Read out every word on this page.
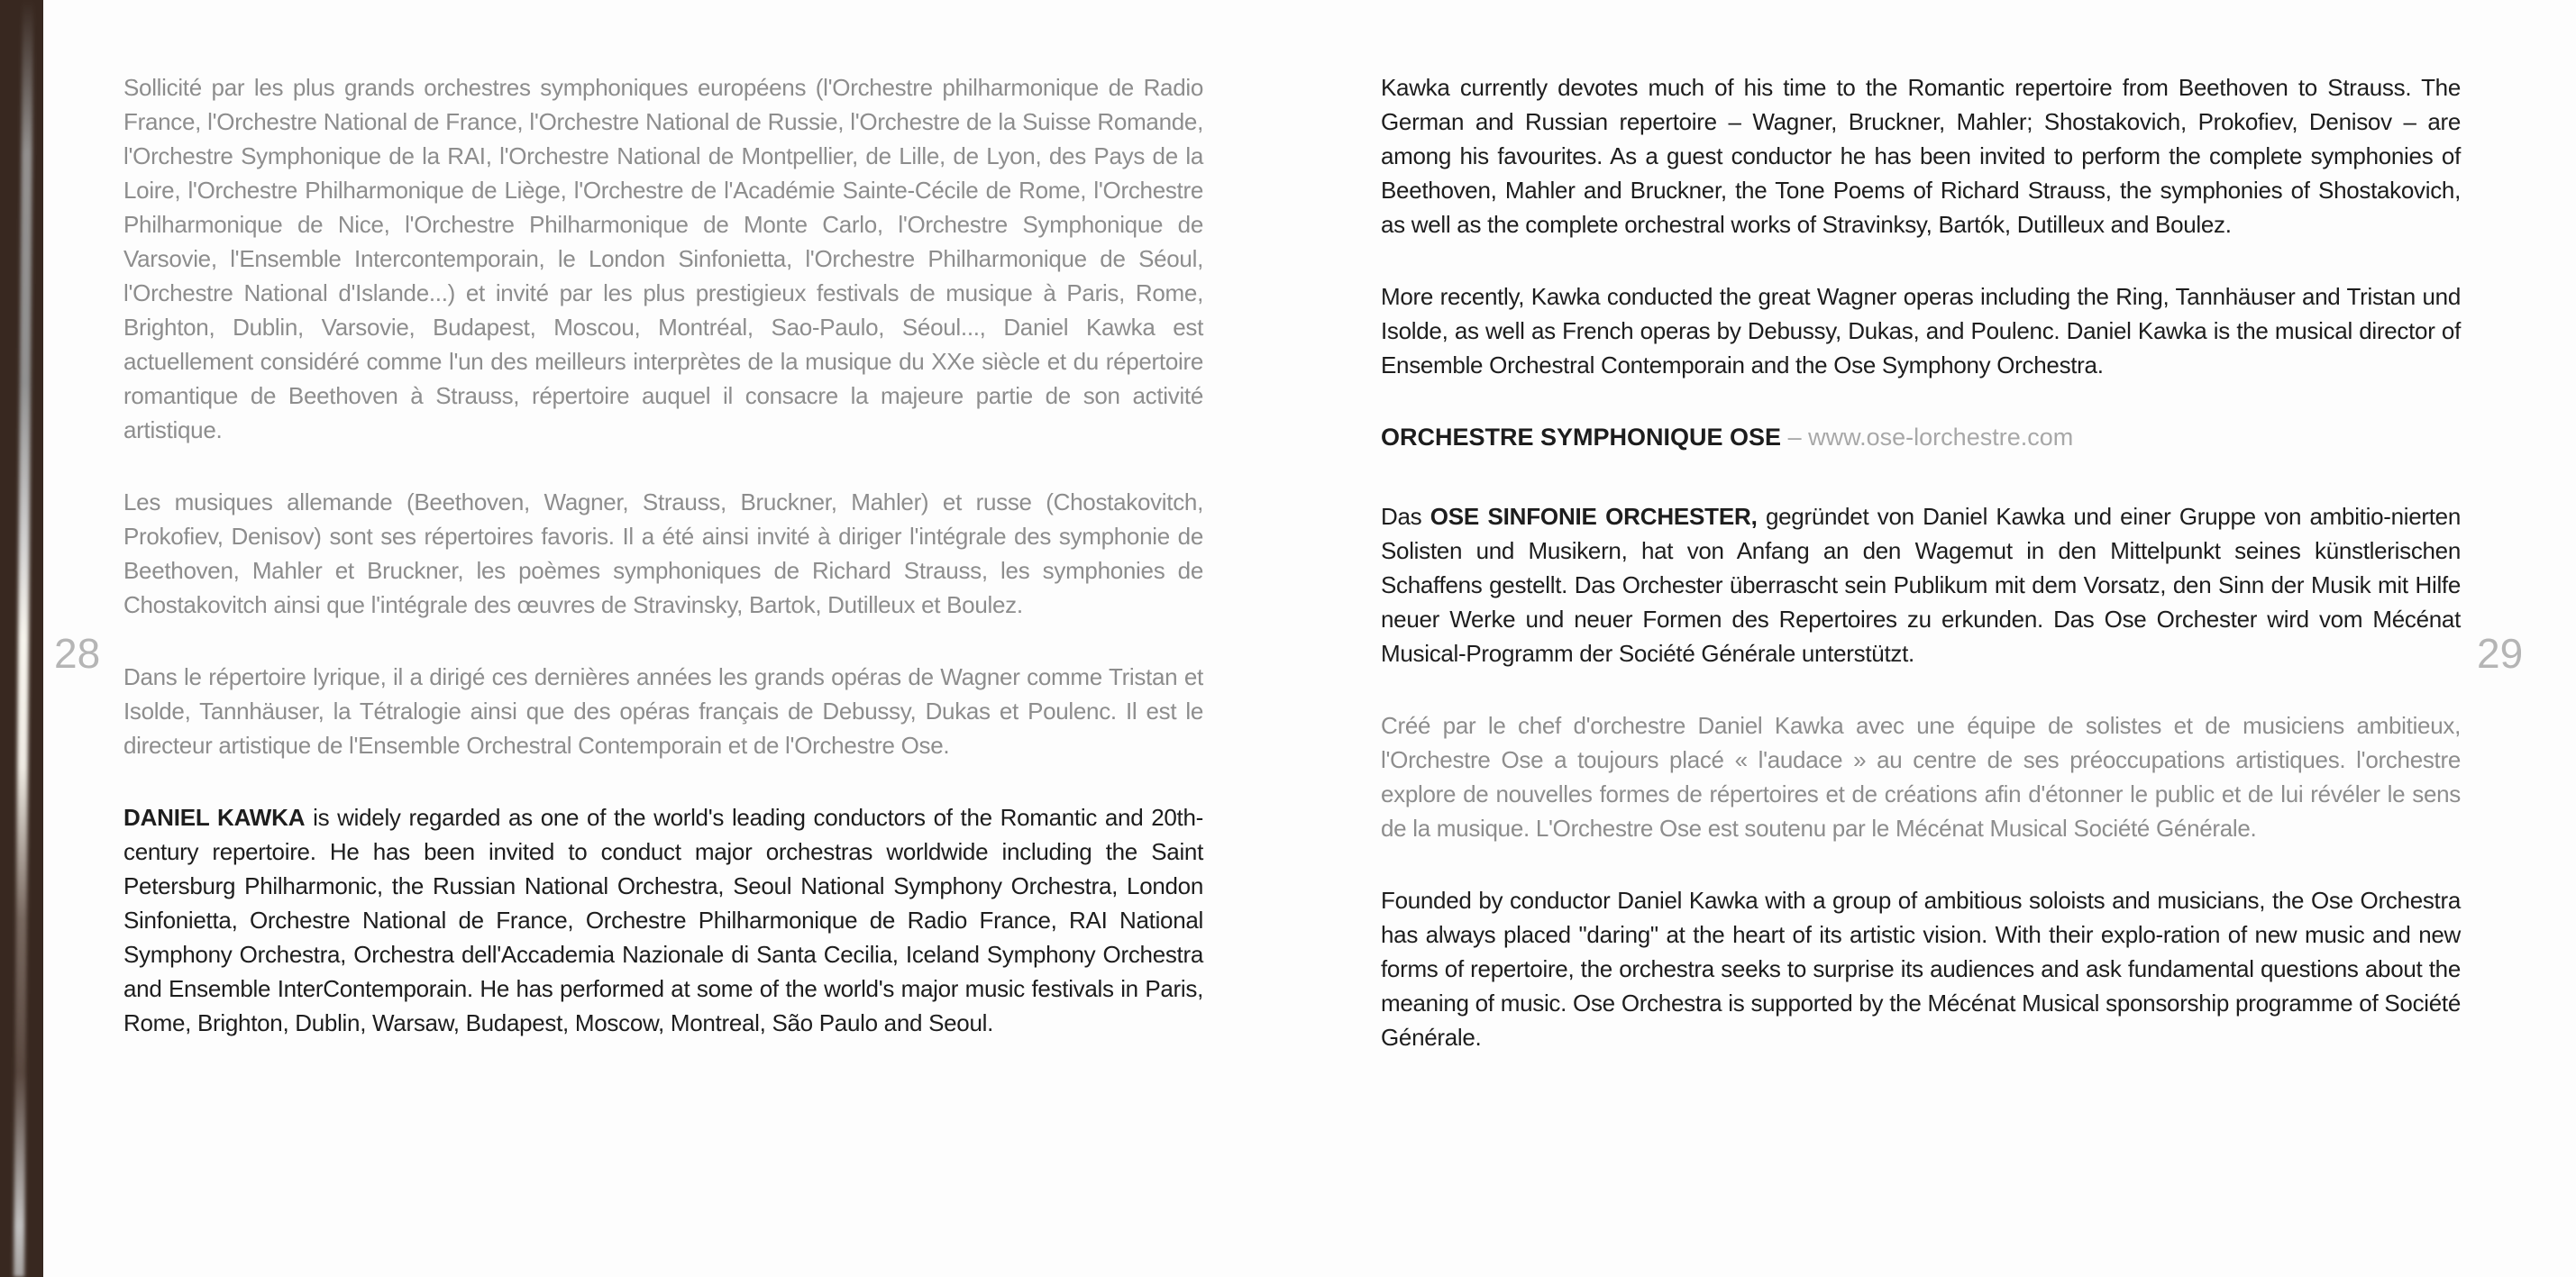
28	29

Sollicité par les plus grands orchestres symphoniques européens (l'Orchestre philharmonique de Radio France, l'Orchestre National de France, l'Orchestre National de Russie, l'Orchestre de la Suisse Romande, l'Orchestre Symphonique de la RAI, l'Orchestre National de Montpellier, de Lille, de Lyon, des Pays de la Loire, l'Orchestre Philharmonique de Liège, l'Orchestre de l'Académie Sainte-Cécile de Rome, l'Orchestre Philharmonique de Nice, l'Orchestre Philharmonique de Monte Carlo, l'Orchestre Symphonique de Varsovie, l'Ensemble Intercontemporain, le London Sinfonietta, l'Orchestre Philharmonique de Séoul, l'Orchestre National d'Islande...) et invité par les plus prestigieux festivals de musique à Paris, Rome, Brighton, Dublin, Varsovie, Budapest, Moscou, Montréal, Sao-Paulo, Séoul..., Daniel Kawka est actuellement considéré comme l'un des meilleurs interprètes de la musique du XXe siècle et du répertoire romantique de Beethoven à Strauss, répertoire auquel il consacre la majeure partie de son activité artistique.

Les musiques allemande (Beethoven, Wagner, Strauss, Bruckner, Mahler) et russe (Chostakovitch, Prokofiev, Denisov) sont ses répertoires favoris. Il a été ainsi invité à diriger l'intégrale des symphonie de Beethoven, Mahler et Bruckner, les poèmes symphoniques de Richard Strauss, les symphonies de Chostakovitch ainsi que l'intégrale des œuvres de Stravinsky, Bartok, Dutilleux et Boulez.

Dans le répertoire lyrique, il a dirigé ces dernières années les grands opéras de Wagner comme Tristan et Isolde, Tannhäuser, la Tétralogie ainsi que des opéras français de Debussy, Dukas et Poulenc. Il est le directeur artistique de l'Ensemble Orchestral Contemporain et de l'Orchestre Ose.

DANIEL KAWKA is widely regarded as one of the world's leading conductors of the Romantic and 20th-century repertoire. He has been invited to conduct major orchestras worldwide including the Saint Petersburg Philharmonic, the Russian National Orchestra, Seoul National Symphony Orchestra, London Sinfonietta, Orchestre National de France, Orchestre Philharmonique de Radio France, RAI National Symphony Orchestra, Orchestra dell'Accademia Nazionale di Santa Cecilia, Iceland Symphony Orchestra and Ensemble InterContemporain. He has performed at some of the world's major music festivals in Paris, Rome, Brighton, Dublin, Warsaw, Budapest, Moscow, Montreal, São Paulo and Seoul.

Kawka currently devotes much of his time to the Romantic repertoire from Beethoven to Strauss. The German and Russian repertoire – Wagner, Bruckner, Mahler; Shostakovich, Prokofiev, Denisov – are among his favourites. As a guest conductor he has been invited to perform the complete symphonies of Beethoven, Mahler and Bruckner, the Tone Poems of Richard Strauss, the symphonies of Shostakovich, as well as the complete orchestral works of Stravinksy, Bartók, Dutilleux and Boulez.

More recently, Kawka conducted the great Wagner operas including the Ring, Tannhäuser and Tristan und Isolde, as well as French operas by Debussy, Dukas, and Poulenc. Daniel Kawka is the musical director of Ensemble Orchestral Contemporain and the Ose Symphony Orchestra.

ORCHESTRE SYMPHONIQUE OSE – www.ose-lorchestre.com

Das OSE SINFONIE ORCHESTER, gegründet von Daniel Kawka und einer Gruppe von ambitio-nierten Solisten und Musikern, hat von Anfang an den Wagemut in den Mittelpunkt seines künstlerischen Schaffens gestellt. Das Orchester überrascht sein Publikum mit dem Vorsatz, den Sinn der Musik mit Hilfe neuer Werke und neuer Formen des Repertoires zu erkunden. Das Ose Orchester wird vom Mécénat Musical-Programm der Société Générale unterstützt.

Créé par le chef d'orchestre Daniel Kawka avec une équipe de solistes et de musiciens ambitieux, l'Orchestre Ose a toujours placé « l'audace » au centre de ses préoccupations artistiques. l'orchestre explore de nouvelles formes de répertoires et de créations afin d'étonner le public et de lui révéler le sens de la musique. L'Orchestre Ose est soutenu par le Mécénat Musical Société Générale.

Founded by conductor Daniel Kawka with a group of ambitious soloists and musicians, the Ose Orchestra has always placed "daring" at the heart of its artistic vision. With their explo-ration of new music and new forms of repertoire, the orchestra seeks to surprise its audiences and ask fundamental questions about the meaning of music. Ose Orchestra is supported by the Mécénat Musical sponsorship programme of Société Générale.
